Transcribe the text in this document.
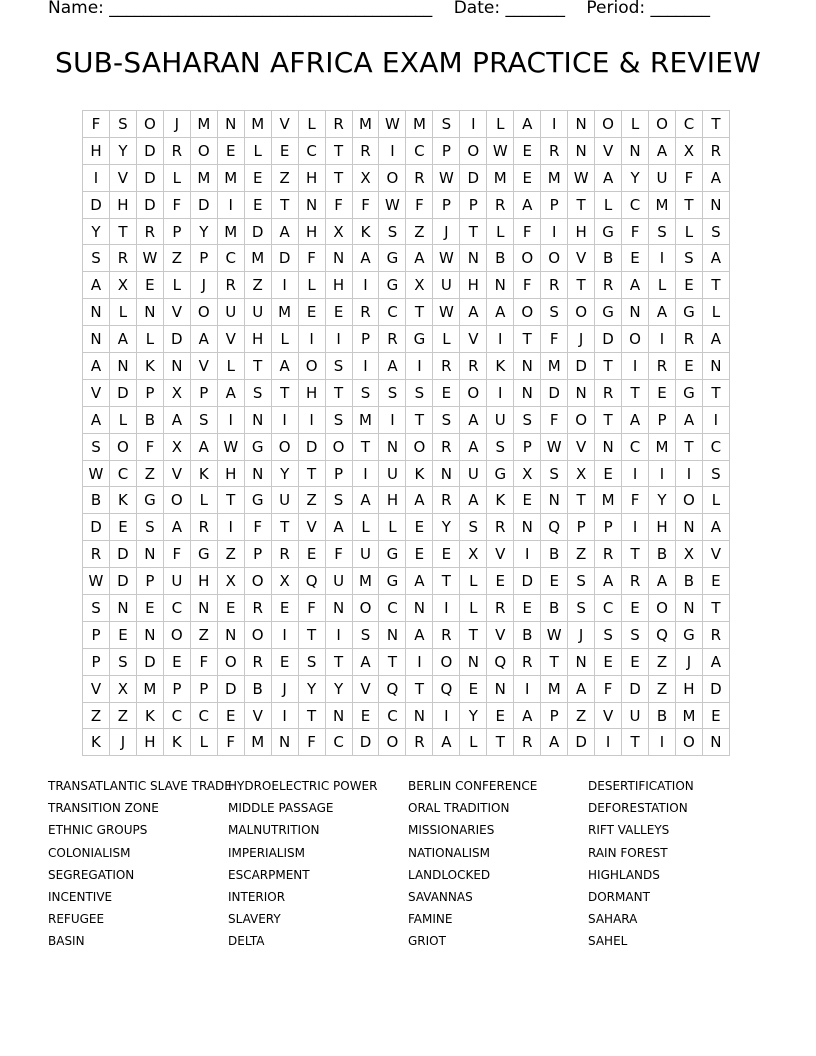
Name: ______________________________________ Date: _______ Period: _______
SUB-SAHARAN AFRICA EXAM PRACTICE & REVIEW
F	S	O	J	M	N	M	V	L	R	M	W	M	S	I	L	A	I	N	O	L	O	C	T
H	Y	D	R	O	E	L	E	C	T	R	I	C	P	O	W	E	R	N	V	N	A	X	R
I	V	D	L	M	M	E	Z	H	T	X	O	R	W	D	M	E	M	W	A	Y	U	F	A
D	H	D	F	D	I	E	T	N	F	F	W	F	P	P	R	A	P	T	L	C	M	T	N
Y	T	R	P	Y	M	D	A	H	X	K	S	Z	J	T	L	F	I	H	G	F	S	L	S
S	R	W	Z	P	C	M	D	F	N	A	G	A	W	N	B	O	O	V	B	E	I	S	A
A	X	E	L	J	R	Z	I	L	H	I	G	X	U	H	N	F	R	T	R	A	L	E	T
N	L	N	V	O	U	U	M	E	E	R	C	T	W	A	A	O	S	O	G	N	A	G	L
N	A	L	D	A	V	H	L	I	I	P	R	G	L	V	I	T	F	J	D	O	I	R	A
A	N	K	N	V	L	T	A	O	S	I	A	I	R	R	K	N	M	D	T	I	R	E	N
V	D	P	X	P	A	S	T	H	T	S	S	S	E	O	I	N	D	N	R	T	E	G	T
A	L	B	A	S	I	N	I	I	S	M	I	T	S	A	U	S	F	O	T	A	P	A	I
S	O	F	X	A	W	G	O	D	O	T	N	O	R	A	S	P	W	V	N	C	M	T	C
W	C	Z	V	K	H	N	Y	T	P	I	U	K	N	U	G	X	S	X	E	I	I	I	S
B	K	G	O	L	T	G	U	Z	S	A	H	A	R	A	K	E	N	T	M	F	Y	O	L
D	E	S	A	R	I	F	T	V	A	L	L	E	Y	S	R	N	Q	P	P	I	H	N	A
R	D	N	F	G	Z	P	R	E	F	U	G	E	E	X	V	I	B	Z	R	T	B	X	V
W	D	P	U	H	X	O	X	Q	U	M	G	A	T	L	E	D	E	S	A	R	A	B	E
S	N	E	C	N	E	R	E	F	N	O	C	N	I	L	R	E	B	S	C	E	O	N	T
P	E	N	O	Z	N	O	I	T	I	S	N	A	R	T	V	B	W	J	S	S	Q	G	R
P	S	D	E	F	O	R	E	S	T	A	T	I	O	N	Q	R	T	N	E	E	Z	J	A
V	X	M	P	P	D	B	J	Y	Y	V	Q	T	Q	E	N	I	M	A	F	D	Z	H	D
Z	Z	K	C	C	E	V	I	T	N	E	C	N	I	Y	E	A	P	Z	V	U	B	M	E
K	J	H	K	L	F	M	N	F	C	D	O	R	A	L	T	R	A	D	I	T	I	O	N
TRANSATLANTIC SLAVE TRADE
TRANSITION ZONE
ETHNIC GROUPS
COLONIALISM
SEGREGATION
INCENTIVE
REFUGEE
BASIN
HYDROELECTRIC POWER
MIDDLE PASSAGE
MALNUTRITION
IMPERIALISM
ESCARPMENT
INTERIOR
SLAVERY
DELTA
BERLIN CONFERENCE
ORAL TRADITION
MISSIONARIES
NATIONALISM
LANDLOCKED
SAVANNAS
FAMINE
GRIOT
DESERTIFICATION
DEFORESTATION
RIFT VALLEYS
RAIN FOREST
HIGHLANDS
DORMANT
SAHARA
SAHEL
